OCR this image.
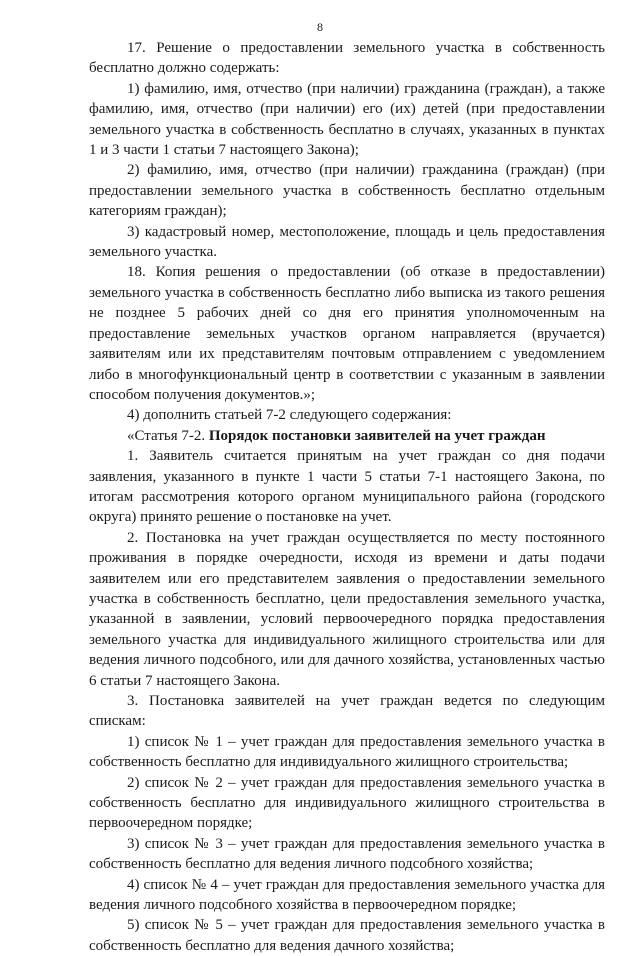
8

17. Решение о предоставлении земельного участка в собственность бесплатно должно содержать:

1) фамилию, имя, отчество (при наличии) гражданина (граждан), а также фамилию, имя, отчество (при наличии) его (их) детей (при предоставлении земельного участка в собственность бесплатно в случаях, указанных в пунктах 1 и 3 части 1 статьи 7 настоящего Закона);

2) фамилию, имя, отчество (при наличии) гражданина (граждан) (при предоставлении земельного участка в собственность бесплатно отдельным категориям граждан);

3) кадастровый номер, местоположение, площадь и цель предоставления земельного участка.

18. Копия решения о предоставлении (об отказе в предоставлении) земельного участка в собственность бесплатно либо выписка из такого решения не позднее 5 рабочих дней со дня его принятия уполномоченным на предоставление земельных участков органом направляется (вручается) заявителям или их представителям почтовым отправлением с уведомлением либо в многофункциональный центр в соответствии с указанным в заявлении способом получения документов.»;

4) дополнить статьей 7-2 следующего содержания:

«Статья 7-2. Порядок постановки заявителей на учет граждан

1. Заявитель считается принятым на учет граждан со дня подачи заявления, указанного в пункте 1 части 5 статьи 7-1 настоящего Закона, по итогам рассмотрения которого органом муниципального района (городского округа) принято решение о постановке на учет.

2. Постановка на учет граждан осуществляется по месту постоянного проживания в порядке очередности, исходя из времени и даты подачи заявителем или его представителем заявления о предоставлении земельного участка в собственность бесплатно, цели предоставления земельного участка, указанной в заявлении, условий первоочередного порядка предоставления земельного участка для индивидуального жилищного строительства или для ведения личного подсобного, или для дачного хозяйства, установленных частью 6 статьи 7 настоящего Закона.

3. Постановка заявителей на учет граждан ведется по следующим спискам:

1) список № 1 – учет граждан для предоставления земельного участка в собственность бесплатно для индивидуального жилищного строительства;

2) список № 2 – учет граждан для предоставления земельного участка в собственность бесплатно для индивидуального жилищного строительства в первоочередном порядке;

3) список № 3 – учет граждан для предоставления земельного участка в собственность бесплатно для ведения личного подсобного хозяйства;

4) список № 4 – учет граждан для предоставления земельного участка для ведения личного подсобного хозяйства в первоочередном порядке;

5) список № 5 – учет граждан для предоставления земельного участка в собственность бесплатно для ведения дачного хозяйства;
